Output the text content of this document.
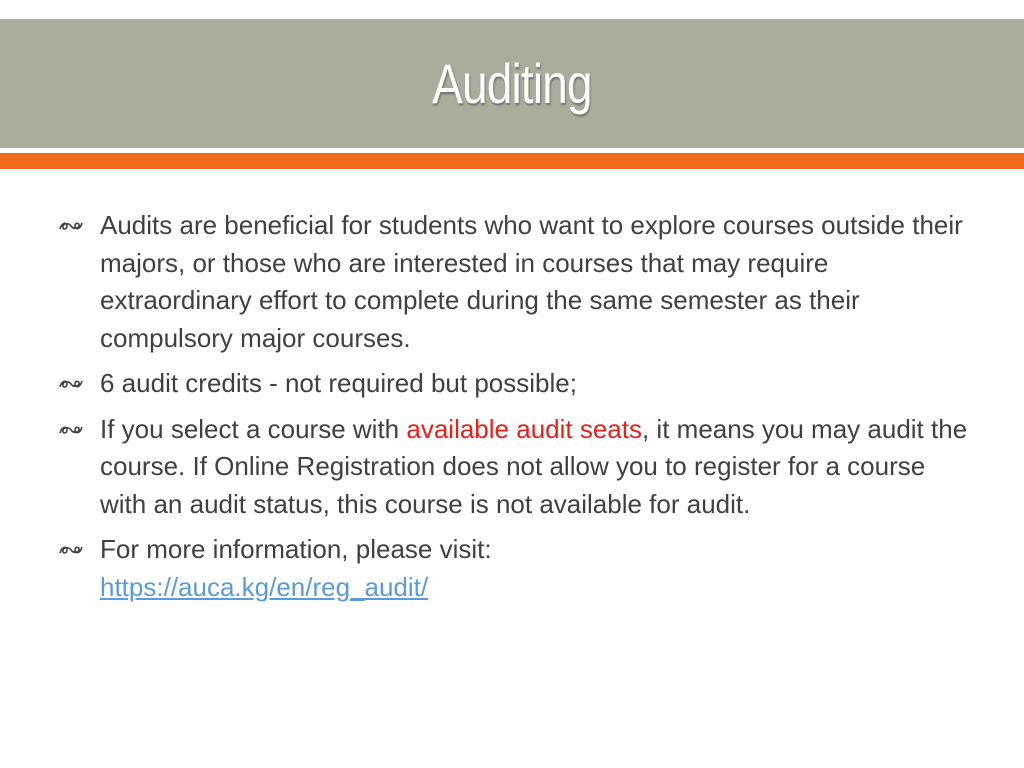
Auditing
Audits are beneficial for students who want to explore courses outside their majors, or those who are interested in courses that may require extraordinary effort to complete during the same semester as their compulsory major courses.
6 audit credits - not required but possible;
If you select a course with available audit seats, it means you may audit the course. If Online Registration does not allow you to register for a course with an audit status, this course is not available for audit.
For more information, please visit:
https://auca.kg/en/reg_audit/
